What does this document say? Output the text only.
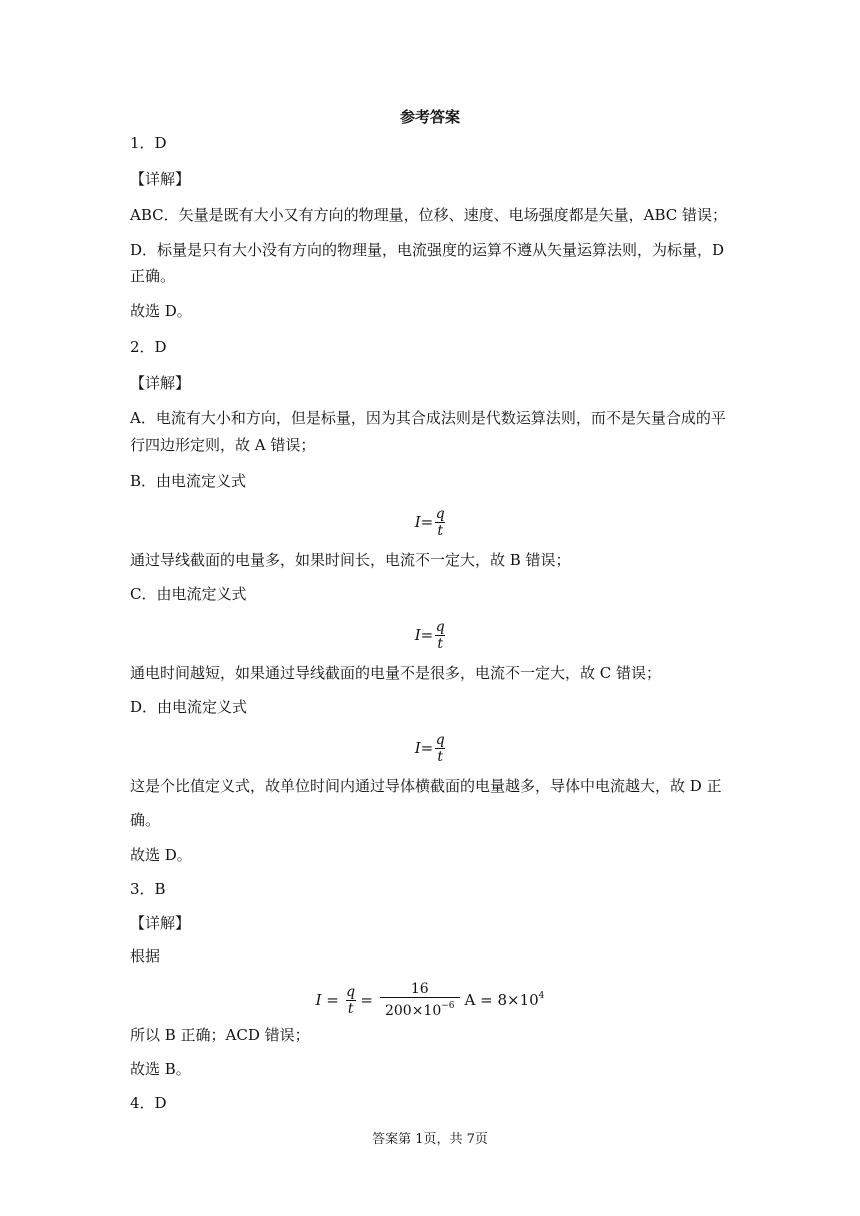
参考答案
1．D
【详解】
ABC．矢量是既有大小又有方向的物理量，位移、速度、电场强度都是矢量，ABC 错误；
D．标量是只有大小没有方向的物理量，电流强度的运算不遵从矢量运算法则，为标量，D
正确。
故选 D。
2．D
【详解】
A．电流有大小和方向，但是标量，因为其合成法则是代数运算法则，而不是矢量合成的平
行四边形定则，故 A 错误；
B．由电流定义式
$I = \frac{q}{t}$
通过导线截面的电量多，如果时间长，电流不一定大，故 B 错误；
C．由电流定义式
$I = \frac{q}{t}$
通电时间越短，如果通过导线截面的电量不是很多，电流不一定大，故 C 错误；
D．由电流定义式
$I = \frac{q}{t}$
这是个比值定义式，故单位时间内通过导体横截面的电量越多，导体中电流越大，故 D 正
确。
故选 D。
3．B
【详解】
根据
$I = \frac{q}{t} = \frac{16}{200\times 10^{-6}}$ $A = 8\times 10^4$
所以 B 正确；ACD 错误；
故选 B。
4．D
答案第 1页，共 7页
